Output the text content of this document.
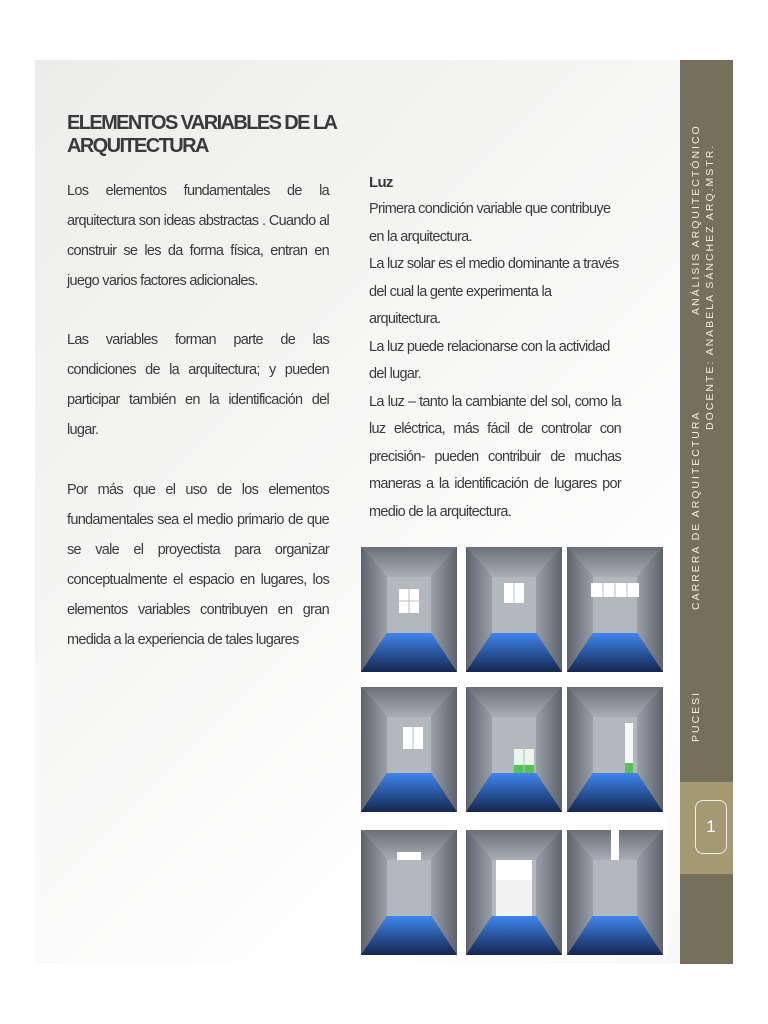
ELEMENTOS VARIABLES DE LA ARQUITECTURA

Los elementos fundamentales de la arquitectura son ideas abstractas . Cuando al construir se les da forma física, entran en juego varios factores adicionales.

Las variables forman parte de las condiciones de la arquitectura; y pueden participar también en la identificación del lugar.

Por más que el uso de los elementos fundamentales sea el medio primario de que se vale el proyectista para organizar conceptualmente el espacio en lugares, los elementos variables contribuyen en gran medida a la experiencia de tales lugares

Luz

Primera condición variable que contribuye en la arquitectura.

La luz solar es el medio dominante a través del cual la gente experimenta la arquitectura.

La luz puede relacionarse con la actividad del lugar.

La luz – tanto la cambiante del sol, como la luz eléctrica, más fácil de controlar con precisión- pueden contribuir de muchas maneras a la identificación de lugares por medio de la arquitectura.

PUCESI
CARRERA DE ARQUITECTURA
ANÁLISIS ARQUITECTÓNICO DOCENTE: ANABELA SÁNCHEZ ARQ.MSTR.
1
